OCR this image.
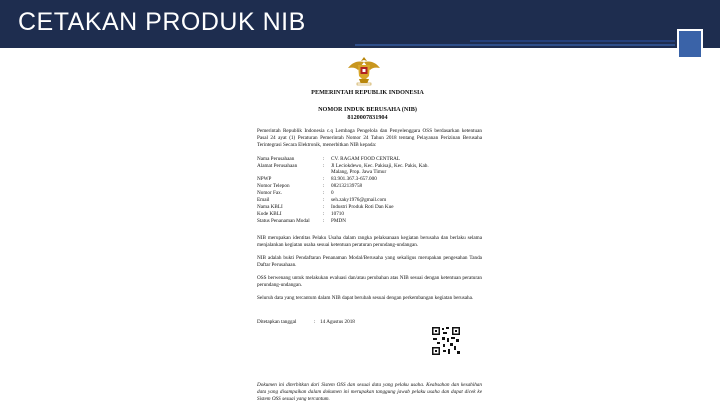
CETAKAN PRODUK NIB
PEMERINTAH REPUBLIK INDONESIA
NOMOR INDUK BERUSAHA (NIB)
8120007831904
Pemerintah Republik Indonesia c.q Lembaga Pengelola dan Penyelenggara OSS berdasarkan ketentuan Pasal 24 ayat (1) Peraturan Pemerintah Nomor 24 Tahun 2018 tentang Pelayanan Perizinan Berusaha Terintegrasi Secara Elektronik, menerbitkan NIB kepada:
Nama Perusahaan	: CV. RAGAM FOOD CENTRAL
Alamat Perusahaan	: Jl Leciokdewo, Kec. Pakisaji, Kec. Pakis, Kab.
Malang, Prop. Jawa Timur
NPWP	: 83.901.367.3-657.000
Nomor Telepon	: 082132139758
Nomor Fax.	: 0
Email	: seh.zaky1976@gmail.com
Nama KBLI	: Industri Produk Roti Dan Kue
Kode KBLI	: 10710
Status Penanaman Modal	: PMDN
NIB merupakan identitas Pelaku Usaha dalam rangka pelaksanaan kegiatan berusaha dan berlaku selama menjalankan kegiatan usaha sesuai ketentuan peraturan perundang-undangan.
NIB adalah bukti Pendaftaran Penanaman Modal/Berusaha yang sekaligus merupakan pengesahan Tanda Daftar Perusahaan.
OSS berwenang untuk melakukan evaluasi dan/atau perubahan atas NIB sesuai dengan ketentuan peraturan perundang-undangan.
Seluruh data yang tercantum dalam NIB dapat berubah sesuai dengan perkembangan kegiatan berusaha.
Ditetapkan tanggal	: 14 Agustus 2018
Dokumen ini diterbitkan dari Sistem OSS dan sesuai data yang pelaku usaha. Keabsahan dan kesahihan data yang disampaikan dalam dokumen ini merupakan tanggung jawab pelaku usaha dan dapat dicek ke Sistem OSS sesuai yang tercantum.
